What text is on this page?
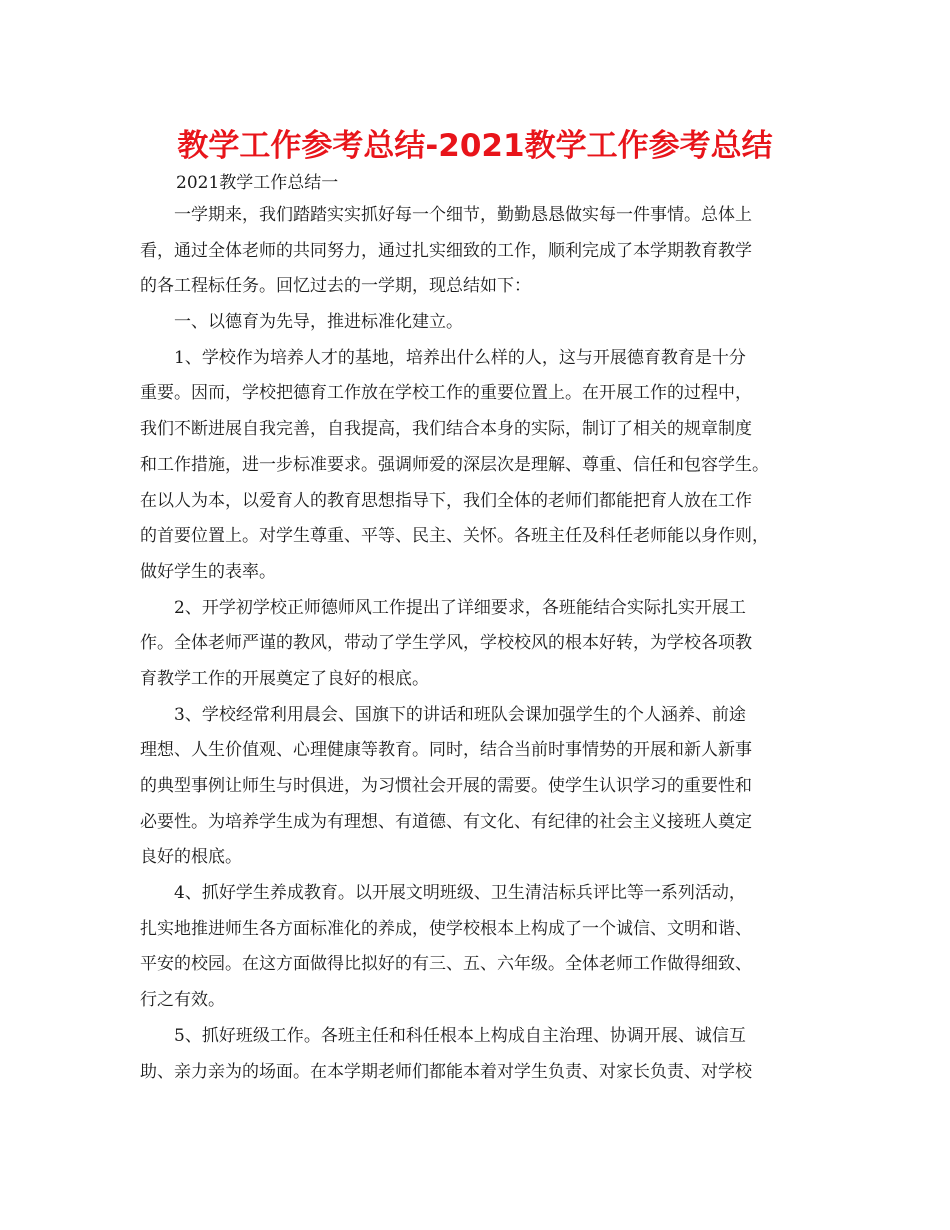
教学工作参考总结-2021教学工作参考总结
2021教学工作总结一
一学期来，我们踏踏实实抓好每一个细节，勤勤恳恳做实每一件事情。总体上
看，通过全体老师的共同努力，通过扎实细致的工作，顺利完成了本学期教育教学
的各工程标任务。回忆过去的一学期，现总结如下：
一、以德育为先导，推进标准化建立。
1、学校作为培养人才的基地，培养出什么样的人，这与开展德育教育是十分
重要。因而，学校把德育工作放在学校工作的重要位置上。在开展工作的过程中，
我们不断进展自我完善，自我提高，我们结合本身的实际，制订了相关的规章制度
和工作措施，进一步标准要求。强调师爱的深层次是理解、尊重、信任和包容学生。
在以人为本，以爱育人的教育思想指导下，我们全体的老师们都能把育人放在工作
的首要位置上。对学生尊重、平等、民主、关怀。各班主任及科任老师能以身作则，
做好学生的表率。
2、开学初学校正师德师风工作提出了详细要求，各班能结合实际扎实开展工
作。全体老师严谨的教风，带动了学生学风，学校校风的根本好转，为学校各项教
育教学工作的开展奠定了良好的根底。
3、学校经常利用晨会、国旗下的讲话和班队会课加强学生的个人涵养、前途
理想、人生价值观、心理健康等教育。同时，结合当前时事情势的开展和新人新事
的典型事例让师生与时俱进，为习惯社会开展的需要。使学生认识学习的重要性和
必要性。为培养学生成为有理想、有道德、有文化、有纪律的社会主义接班人奠定
良好的根底。
4、抓好学生养成教育。以开展文明班级、卫生清洁标兵评比等一系列活动，
扎实地推进师生各方面标准化的养成，使学校根本上构成了一个诚信、文明和谐、
平安的校园。在这方面做得比拟好的有三、五、六年级。全体老师工作做得细致、
行之有效。
5、抓好班级工作。各班主任和科任根本上构成自主治理、协调开展、诚信互
助、亲力亲为的场面。在本学期老师们都能本着对学生负责、对家长负责、对学校
